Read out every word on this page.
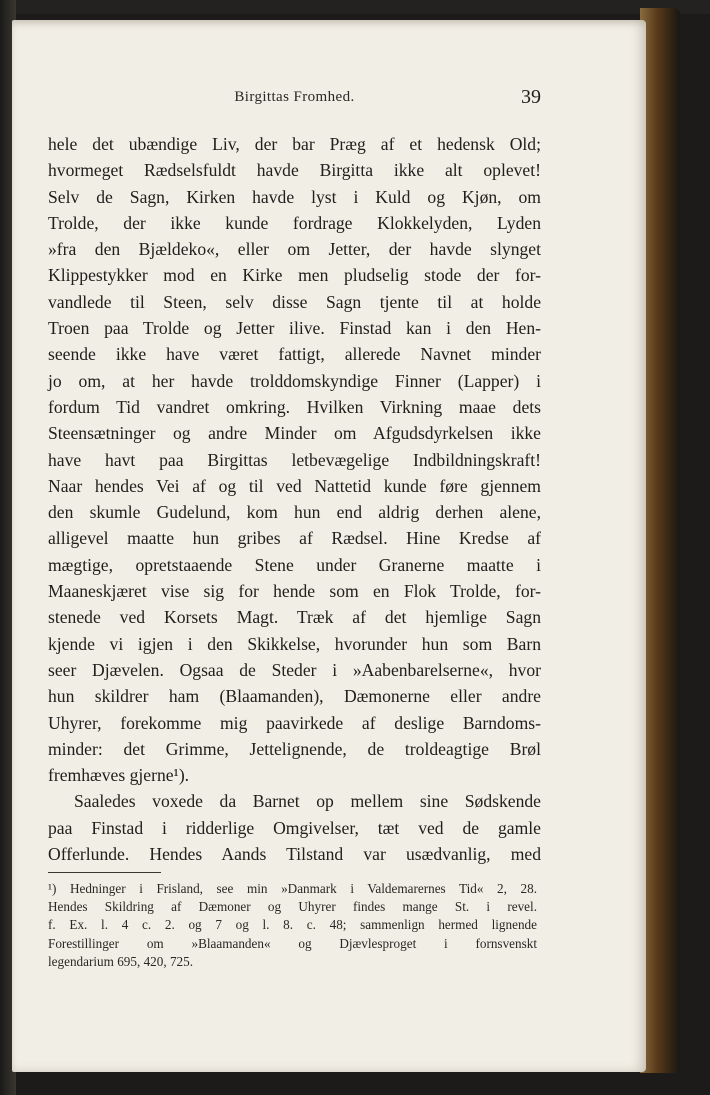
Birgittas Fromhed.	39
hele det ubændige Liv, der bar Præg af et hedensk Old;
hvormeget Rædselsfuldt havde Birgitta ikke alt oplevet!
Selv de Sagn, Kirken havde lyst i Kuld og Kjøn, om
Trolde, der ikke kunde fordrage Klokkelyden, Lyden
»fra den Bjældeko«, eller om Jetter, der havde slynget
Klippestykker mod en Kirke men pludselig stode der for-
vandlede til Steen, selv disse Sagn tjente til at holde
Troen paa Trolde og Jetter ilive. Finstad kan i den Hen-
seende ikke have været fattigt, allerede Navnet minder
jo om, at her havde trolddomskyndige Finner (Lapper) i
fordum Tid vandret omkring. Hvilken Virkning maae dets
Steensætninger og andre Minder om Afgudsdyrkelsen ikke
have havt paa Birgittas letbevægelige Indbildningskraft!
Naar hendes Vei af og til ved Nattetid kunde føre gjennem
den skumle Gudelund, kom hun end aldrig derhen alene,
alligevel maatte hun gribes af Rædsel. Hine Kredse af
mægtige, opretstaaende Stene under Granerne maatte i
Maaneskjæret vise sig for hende som en Flok Trolde, for-
stenede ved Korsets Magt. Træk af det hjemlige Sagn
kjende vi igjen i den Skikkelse, hvorunder hun som Barn
seer Djævelen. Ogsaa de Steder i »Aabenbarelserne«, hvor
hun skildrer ham (Blaamanden), Dæmonerne eller andre
Uhyrer, forekomme mig paavirkede af deslige Barndoms-
minder: det Grimme, Jettelignende, de troldeagtige Brøl
fremhæves gjerne¹).
Saaledes voxede da Barnet op mellem sine Sødskende
paa Finstad i ridderlige Omgivelser, tæt ved de gamle
Offerlunde. Hendes Aands Tilstand var usædvanlig, med
¹) Hedninger i Frisland, see min »Danmark i Valdemarernes Tid« 2, 28.
Hendes Skildring af Dæmoner og Uhyrer findes mange St. i revel.
f. Ex. l. 4 c. 2. og 7 og l. 8. c. 48; sammenlign hermed lignende
Forestillinger om »Blaamanden« og Djævlesproget i fornsvenskt
legendarium 695, 420, 725.
